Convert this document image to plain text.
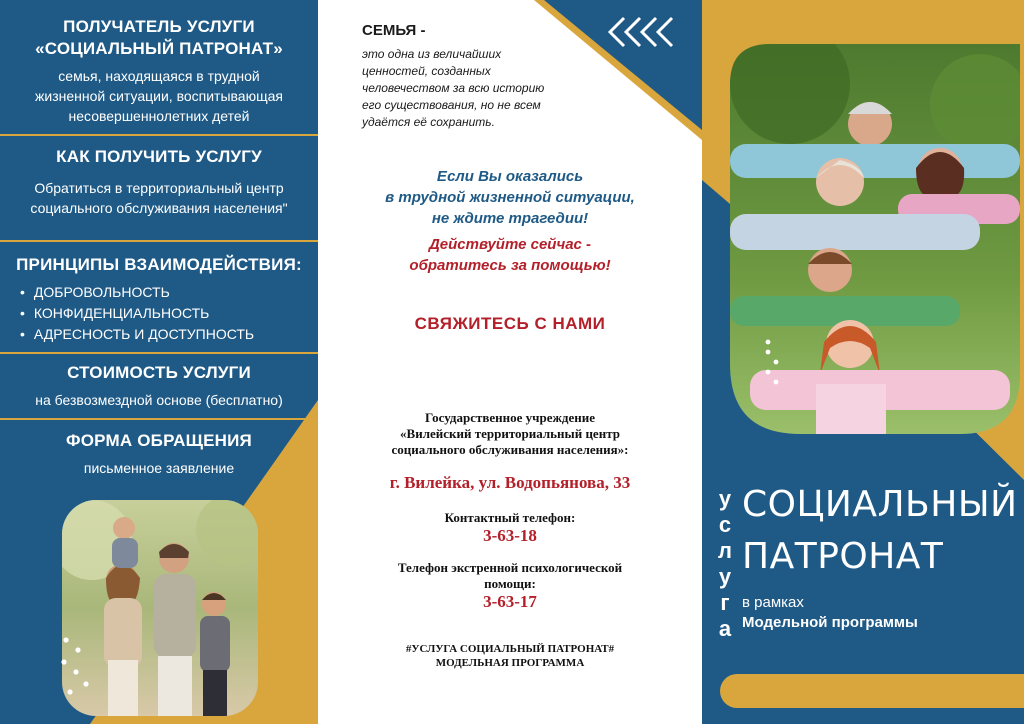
ПОЛУЧАТЕЛЬ УСЛУГИ
«СОЦИАЛЬНЫЙ ПАТРОНАТ»

семья, находящаяся в трудной

жизненной ситуации, воспитывающая

несовершеннолетних детей

КАК ПОЛУЧИТЬ УСЛУГУ

Обратиться в территориальный центр

социального обслуживания населения"

ПРИНЦИПЫ ВЗАИМОДЕЙСТВИЯ:
• ДОБРОВОЛЬНОСТЬ
• КОНФИДЕНЦИАЛЬНОСТЬ
• АДРЕСНОСТЬ И ДОСТУПНОСТЬ
СТОИМОСТЬ УСЛУГИ

на безвозмездной основе (бесплатно)

ФОРМА ОБРАЩЕНИЯ

письменное заявление

СЕМЬЯ -
это одна из величайших
ценностей, созданных
человечеством за всю историю
его существования, но не всем
удаётся её сохранить.
Если Вы оказались
в трудной жизненной ситуации,
не ждите трагедии!
Действуйте сейчас -
обратитесь за помощью!
СВЯЖИТЕСЬ С НАМИ
Государственное учреждение
«Вилейский территориальный центр
социального обслуживания населения»:
г. Вилейка, ул. Водопьянова, 33
Контактный телефон:
3-63-18
Телефон экстренной психологической
помощи:
3-63-17
#УСЛУГА СОЦИАЛЬНЫЙ ПАТРОНАТ#
МОДЕЛЬНАЯ ПРОГРАММА
у
с
л
у
г
а
СОЦИАЛЬНЫЙ
ПАТРОНАТ
в рамках
Модельной программы
